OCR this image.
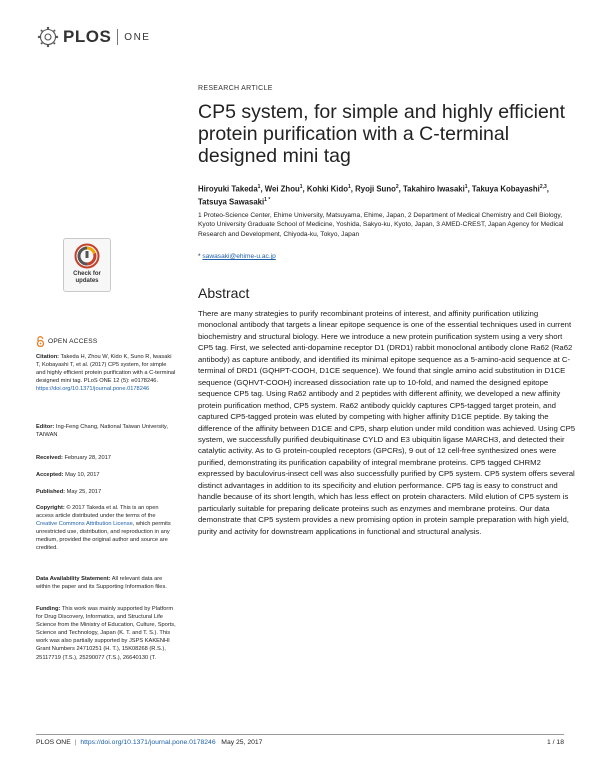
PLOS ONE
RESEARCH ARTICLE
CP5 system, for simple and highly efficient protein purification with a C-terminal designed mini tag
Hiroyuki Takeda$^1$, Wei Zhou$^1$, Kohki Kido$^1$, Ryoji Suno$^2$, Takahiro Iwasaki$^1$, Takuya Kobayashi$^{2,3}$, Tatsuya Sawasaki$^{1 *}$
1 Proteo-Science Center, Ehime University, Matsuyama, Ehime, Japan, 2 Department of Medical Chemistry and Cell Biology, Kyoto University Graduate School of Medicine, Yoshida, Sakyo-ku, Kyoto, Japan, 3 AMED-CREST, Japan Agency for Medical Research and Development, Chiyoda-ku, Tokyo, Japan
* sawasaki@ehime-u.ac.jp
Abstract

There are many strategies to purify recombinant proteins of interest, and affinity purification utilizing monoclonal antibody that targets a linear epitope sequence is one of the essential techniques used in current biochemistry and structural biology. Here we introduce a new protein purification system using a very short CP5 tag. First, we selected anti-dopamine receptor D1 (DRD1) rabbit monoclonal antibody clone Ra62 (Ra62 antibody) as capture antibody, and identified its minimal epitope sequence as a 5-amino-acid sequence at C-terminal of DRD1 (GQHPT-COOH, D1CE sequence). We found that single amino acid substitution in D1CE sequence (GQHVT-COOH) increased dissociation rate up to 10-fold, and named the designed epitope sequence CP5 tag. Using Ra62 antibody and 2 peptides with different affinity, we developed a new affinity protein purification method, CP5 system. Ra62 antibody quickly captures CP5-tagged target protein, and captured CP5-tagged protein was eluted by competing with higher affinity D1CE peptide. By taking the difference of the affinity between D1CE and CP5, sharp elution under mild condition was achieved. Using CP5 system, we successfully purified deubiquitinase CYLD and E3 ubiquitin ligase MARCH3, and detected their catalytic activity. As to G protein-coupled receptors (GPCRs), 9 out of 12 cell-free synthesized ones were purified, demonstrating its purification capability of integral membrane proteins. CP5 tagged CHRM2 expressed by baculovirus-insect cell was also successfully purified by CP5 system. CP5 system offers several distinct advantages in addition to its specificity and elution performance. CP5 tag is easy to construct and handle because of its short length, which has less effect on protein characters. Mild elution of CP5 system is particularly suitable for preparing delicate proteins such as enzymes and membrane proteins. Our data demonstrate that CP5 system provides a new promising option in protein sample preparation with high yield, purity and activity for downstream applications in functional and structural analysis.

Check for
updates
OPEN ACCESS
Citation: Takeda H, Zhou W, Kido K, Suno R, Iwasaki T, Kobayashi T, et al. (2017) CP5 system, for simple and highly efficient protein purification with a C-terminal designed mini tag. PLoS ONE 12 (5): e0178246. https://doi.org/10.1371/journal.pone.0178246
Editor: Ing-Feng Chang, National Taiwan University, TAIWAN
Received: February 28, 2017
Accepted: May 10, 2017
Published: May 25, 2017
Copyright: © 2017 Takeda et al. This is an open access article distributed under the terms of the Creative Commons Attribution License, which permits unrestricted use, distribution, and reproduction in any medium, provided the original author and source are credited.
Data Availability Statement: All relevant data are within the paper and its Supporting Information files.
Funding: This work was mainly supported by Platform for Drug Discovery, Informatics, and Structural Life Science from the Ministry of Education, Culture, Sports, Science and Technology, Japan (K. T. and T. S.). This work was also partially supported by JSPS KAKENHI Grant Numbers 24710251 (H. T.), 15K08268 (R.S.), 25117719 (T.S.), 25290077 (T.S.), 26640130 (T.
PLOS ONE | https://doi.org/10.1371/journal.pone.0178246 May 25, 2017	1 / 18
